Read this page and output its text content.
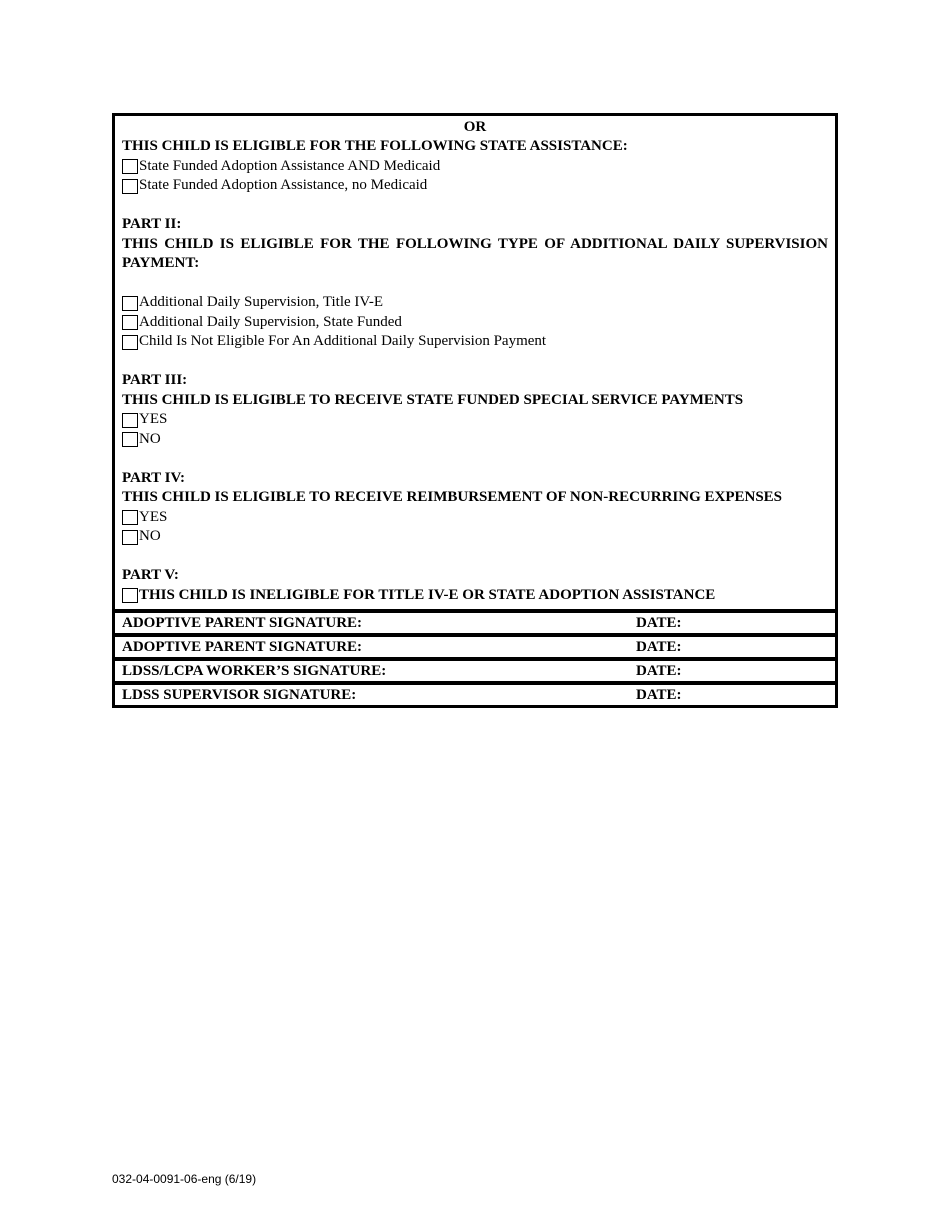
OR
THIS CHILD IS ELIGIBLE FOR THE FOLLOWING STATE ASSISTANCE:
State Funded Adoption Assistance AND Medicaid
State Funded Adoption Assistance, no Medicaid
PART II:
THIS CHILD IS ELIGIBLE FOR THE FOLLOWING TYPE OF ADDITIONAL DAILY SUPERVISION PAYMENT:
Additional Daily Supervision, Title IV-E
Additional Daily Supervision, State Funded
Child Is Not Eligible For An Additional Daily Supervision Payment
PART III:
THIS CHILD IS ELIGIBLE TO RECEIVE STATE FUNDED SPECIAL SERVICE PAYMENTS
YES
NO
PART IV:
THIS CHILD IS ELIGIBLE TO RECEIVE REIMBURSEMENT OF NON-RECURRING EXPENSES
YES
NO
PART V:
THIS CHILD IS INELIGIBLE FOR TITLE IV-E OR STATE ADOPTION ASSISTANCE
ADOPTIVE PARENT SIGNATURE:	DATE:
ADOPTIVE PARENT SIGNATURE:	DATE:
LDSS/LCPA WORKER’S SIGNATURE:	DATE:
LDSS SUPERVISOR SIGNATURE:	DATE:
032-04-0091-06-eng (6/19)
